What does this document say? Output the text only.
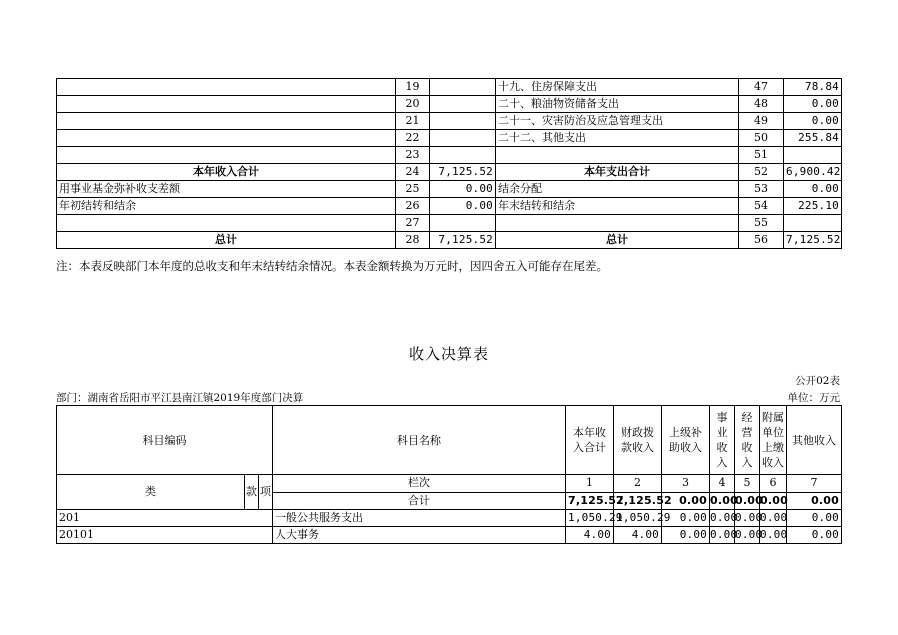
	19		十九、住房保障支出	47	78.84
	20		二十、粮油物资储备支出	48	0.00
	21		二十一、灾害防治及应急管理支出	49	0.00
	22		二十二、其他支出	50	255.84
	23			51	
本年收入合计	24	7,125.52	本年支出合计	52	6,900.42
用事业基金弥补收支差额	25	0.00	结余分配	53	0.00
年初结转和结余	26	0.00	年末结转和结余	54	225.10
	27			55	
总计	28	7,125.52	总计	56	7,125.52
注：本表反映部门本年度的总收支和年末结转结余情况。本表金额转换为万元时，因四舍五入可能存在尾差。
收入决算表
公开02表
部门：湖南省岳阳市平江县南江镇2019年度部门决算	单位：万元
科目编码			科目名称	本年收入合计	财政拨款收入	上级补助收入	事业收入	经营收入	附属单位上缴收入	其他收入
类	款	项	栏次	1	2	3	4	5	6	7
			合计	7,125.52	7,125.52	0.00	0.00	0.00	0.00	0.00
201			一般公共服务支出	1,050.29	1,050.29	0.00	0.00	0.00	0.00	0.00
20101			人大事务	4.00	4.00	0.00	0.00	0.00	0.00	0.00
